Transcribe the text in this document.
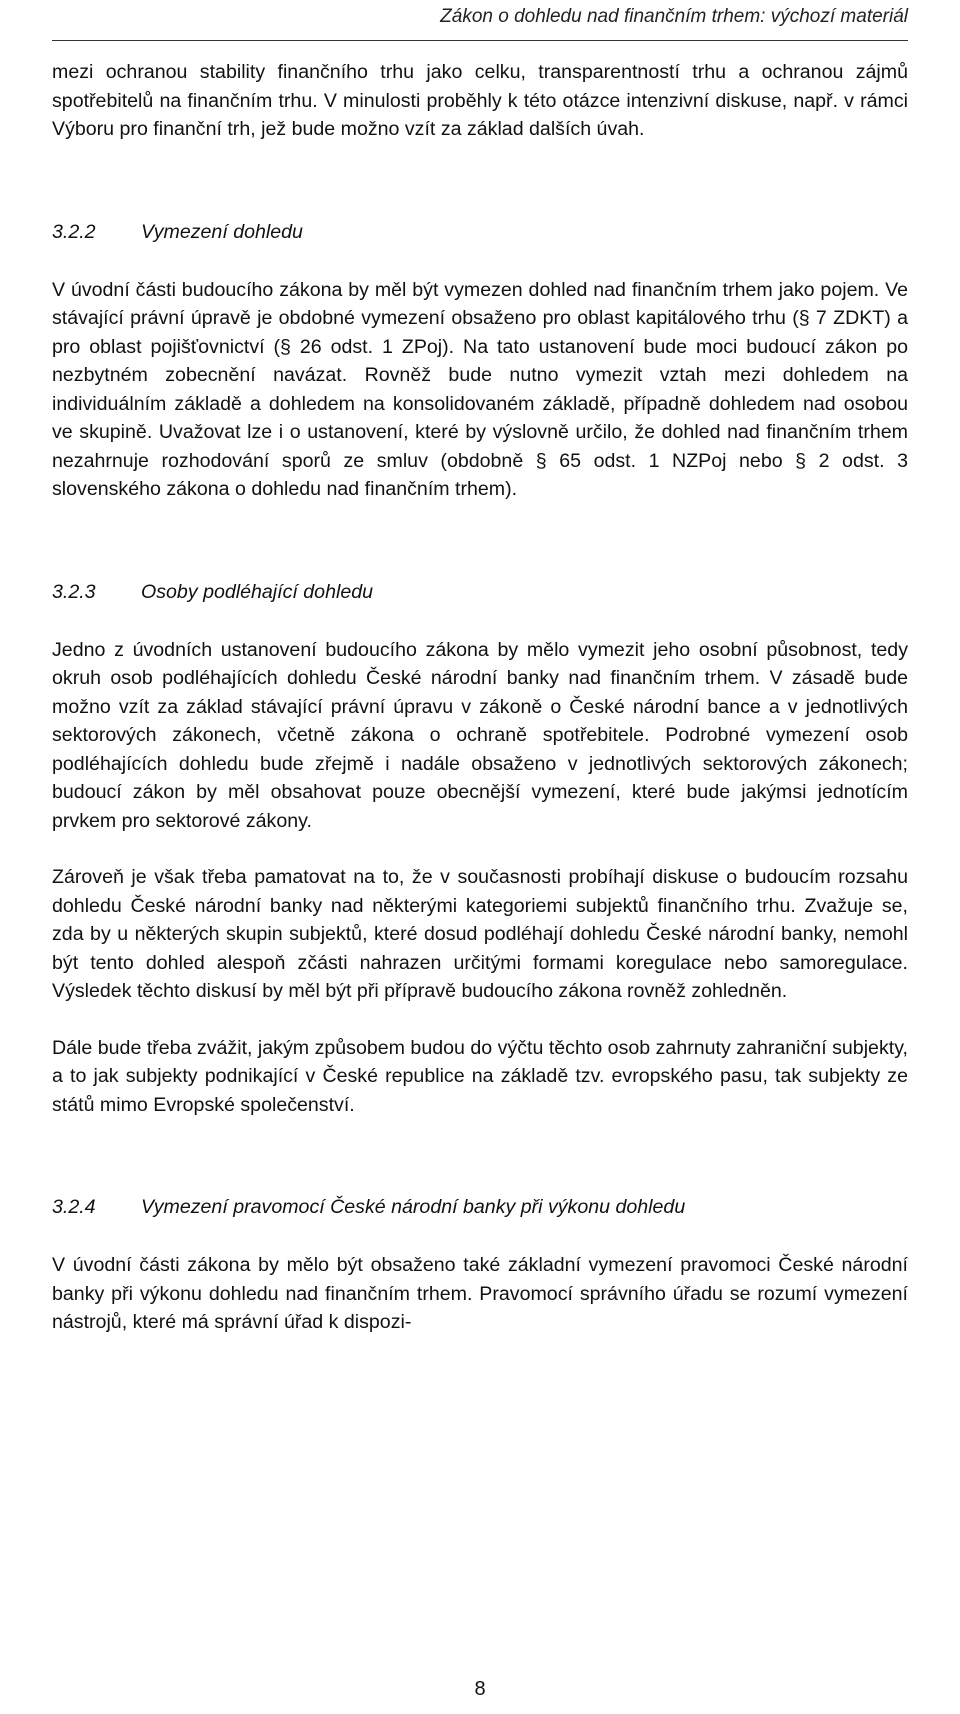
Zákon o dohledu nad finančním trhem: výchozí materiál

mezi ochranou stability finančního trhu jako celku, transparentností trhu a ochranou zájmů spotřebitelů na finančním trhu. V minulosti proběhly k této otázce intenzivní diskuse, např. v rámci Výboru pro finanční trh, jež bude možno vzít za základ dalších úvah.

3.2.2	Vymezení dohledu

V úvodní části budoucího zákona by měl být vymezen dohled nad finančním trhem jako pojem. Ve stávající právní úpravě je obdobné vymezení obsaženo pro oblast kapitálového trhu (§ 7 ZDKT) a pro oblast pojišťovnictví (§ 26 odst. 1 ZPoj). Na tato ustanovení bude moci budoucí zákon po nezbytném zobecnění navázat. Rovněž bude nutno vymezit vztah mezi dohledem na individuálním základě a dohledem na konsolidovaném základě, případně dohledem nad osobou ve skupině. Uvažovat lze i o ustanovení, které by výslovně určilo, že dohled nad finančním trhem nezahrnuje rozhodování sporů ze smluv (obdobně § 65 odst. 1 NZPoj nebo § 2 odst. 3 slovenského zákona o dohledu nad finančním trhem).

3.2.3	Osoby podléhající dohledu

Jedno z úvodních ustanovení budoucího zákona by mělo vymezit jeho osobní působnost, tedy okruh osob podléhajících dohledu České národní banky nad finančním trhem. V zásadě bude možno vzít za základ stávající právní úpravu v zákoně o České národní bance a v jednotlivých sektorových zákonech, včetně zákona o ochraně spotřebitele. Podrobné vymezení osob podléhajících dohledu bude zřejmě i nadále obsaženo v jednotlivých sektorových zákonech; budoucí zákon by měl obsahovat pouze obecnější vymezení, které bude jakýmsi jednotícím prvkem pro sektorové zákony.

Zároveň je však třeba pamatovat na to, že v současnosti probíhají diskuse o budoucím rozsahu dohledu České národní banky nad některými kategoriemi subjektů finančního trhu. Zvažuje se, zda by u některých skupin subjektů, které dosud podléhají dohledu České národní banky, nemohl být tento dohled alespoň zčásti nahrazen určitými formami koregulace nebo samoregulace. Výsledek těchto diskusí by měl být při přípravě budoucího zákona rovněž zohledněn.

Dále bude třeba zvážit, jakým způsobem budou do výčtu těchto osob zahrnuty zahraniční subjekty, a to jak subjekty podnikající v České republice na základě tzv. evropského pasu, tak subjekty ze států mimo Evropské společenství.

3.2.4	Vymezení pravomocí České národní banky při výkonu dohledu

V úvodní části zákona by mělo být obsaženo také základní vymezení pravomoci České národní banky při výkonu dohledu nad finančním trhem. Pravomocí správního úřadu se rozumí vymezení nástrojů, které má správní úřad k dispozi-

8
